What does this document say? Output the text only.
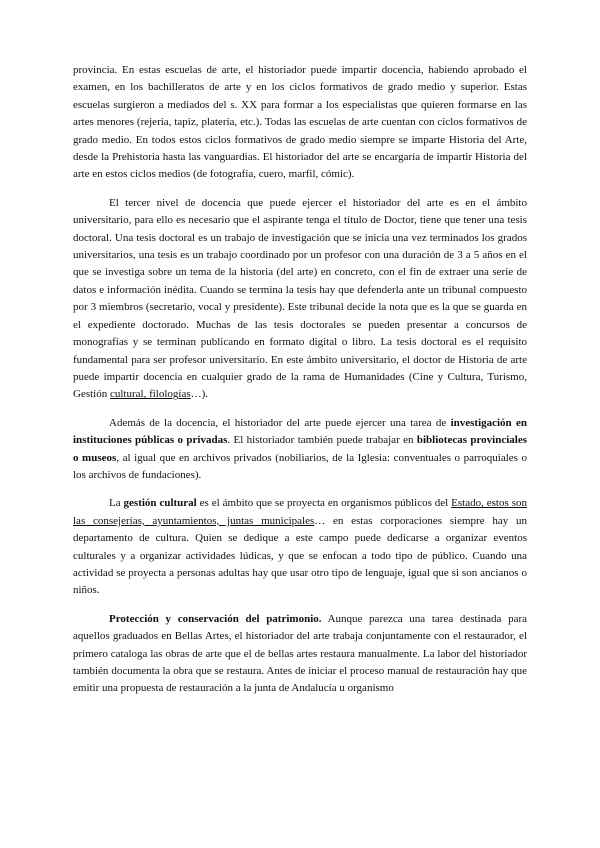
provincia. En estas escuelas de arte, el historiador puede impartir docencia, habiendo aprobado el examen, en los bachilleratos de arte y en los ciclos formativos de grado medio y superior. Estas escuelas surgieron a mediados del s. XX para formar a los especialistas que quieren formarse en las artes menores (rejería, tapiz, platería, etc.). Todas las escuelas de arte cuentan con ciclos formativos de grado medio. En todos estos ciclos formativos de grado medio siempre se imparte Historia del Arte, desde la Prehistoria hasta las vanguardias. El historiador del arte se encargaría de impartir Historia del arte en estos ciclos medios (de fotografía, cuero, marfil, cómic).

El tercer nivel de docencia que puede ejercer el historiador del arte es en el ámbito universitario, para ello es necesario que el aspirante tenga el título de Doctor, tiene que tener una tesis doctoral. Una tesis doctoral es un trabajo de investigación que se inicia una vez terminados los grados universitarios, una tesis es un trabajo coordinado por un profesor con una duración de 3 a 5 años en el que se investiga sobre un tema de la historia (del arte) en concreto, con el fin de extraer una serie de datos e información inédita. Cuando se termina la tesis hay que defenderla ante un tribunal compuesto por 3 miembros (secretario, vocal y presidente). Este tribunal decide la nota que es la que se guarda en el expediente doctorado. Muchas de las tesis doctorales se pueden presentar a concursos de monografías y se terminan publicando en formato digital o libro. La tesis doctoral es el requisito fundamental para ser profesor universitario. En este ámbito universitario, el doctor de Historia de arte puede impartir docencia en cualquier grado de la rama de Humanidades (Cine y Cultura, Turismo, Gestión cultural, filologías…).

Además de la docencia, el historiador del arte puede ejercer una tarea de investigación en instituciones públicas o privadas. El historiador también puede trabajar en bibliotecas provinciales o museos, al igual que en archivos privados (nobiliarios, de la Iglesia: conventuales o parroquiales o los archivos de fundaciones).

La gestión cultural es el ámbito que se proyecta en organismos públicos del Estado, estos son las consejerías, ayuntamientos, juntas municipales… en estas corporaciones siempre hay un departamento de cultura. Quien se dedique a este campo puede dedicarse a organizar eventos culturales y a organizar actividades lúdicas, y que se enfocan a todo tipo de público. Cuando una actividad se proyecta a personas adultas hay que usar otro tipo de lenguaje, igual que si son ancianos o niños.

Protección y conservación del patrimonio. Aunque parezca una tarea destinada para aquellos graduados en Bellas Artes, el historiador del arte trabaja conjuntamente con el restaurador, el primero cataloga las obras de arte que el de bellas artes restaura manualmente. La labor del historiador también documenta la obra que se restaura. Antes de iniciar el proceso manual de restauración hay que emitir una propuesta de restauración a la junta de Andalucía u organismo
